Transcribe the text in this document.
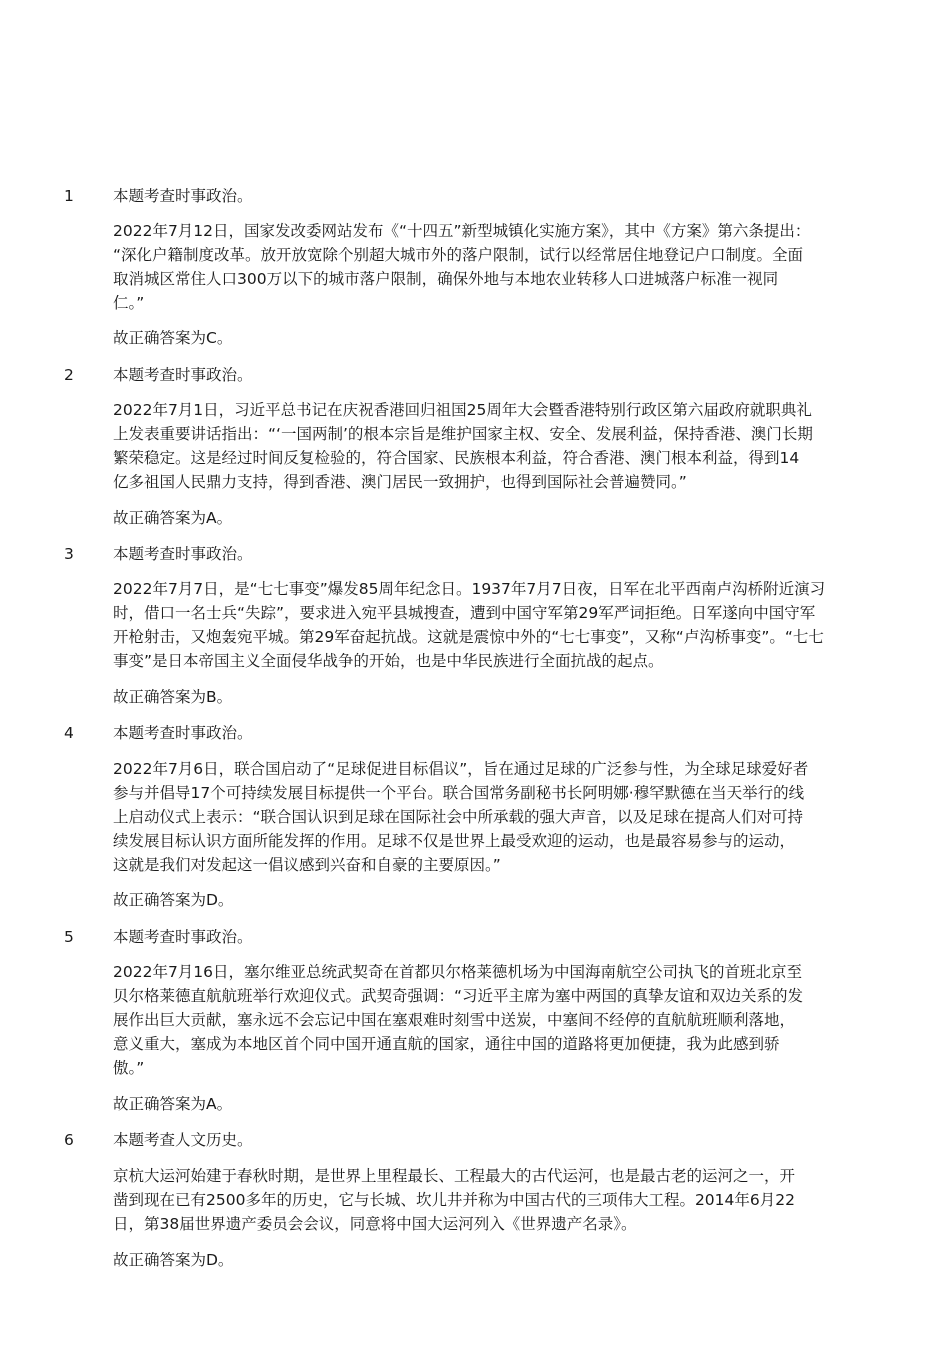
1	本题考查时事政治。
2022年7月12日，国家发改委网站发布《“十四五”新型城镇化实施方案》，其中《方案》第六条提出：
“深化户籍制度改革。放开放宽除个别超大城市外的落户限制，试行以经常居住地登记户口制度。全面
取消城区常住人口300万以下的城市落户限制，确保外地与本地农业转移人口进城落户标准一视同
仁。”
故正确答案为C。
2	本题考查时事政治。
2022年7月1日，习近平总书记在庆祝香港回归祖国25周年大会暨香港特别行政区第六届政府就职典礼
上发表重要讲话指出：“‘一国两制’的根本宗旨是维护国家主权、安全、发展利益，保持香港、澳门长期
繁荣稳定。这是经过时间反复检验的，符合国家、民族根本利益，符合香港、澳门根本利益，得到14
亿多祖国人民鼎力支持，得到香港、澳门居民一致拥护，也得到国际社会普遍赞同。”
故正确答案为A。
3	本题考查时事政治。
2022年7月7日，是“七七事变”爆发85周年纪念日。1937年7月7日夜，日军在北平西南卢沟桥附近演习
时，借口一名士兵“失踪”，要求进入宛平县城搜查，遭到中国守军第29军严词拒绝。日军遂向中国守军
开枪射击，又炮轰宛平城。第29军奋起抗战。这就是震惊中外的“七七事变”，又称“卢沟桥事变”。“七七
事变”是日本帝国主义全面侵华战争的开始，也是中华民族进行全面抗战的起点。
故正确答案为B。
4	本题考查时事政治。
2022年7月6日，联合国启动了“足球促进目标倡议”，旨在通过足球的广泛参与性，为全球足球爱好者
参与并倡导17个可持续发展目标提供一个平台。联合国常务副秘书长阿明娜·穆罕默德在当天举行的线
上启动仪式上表示：“联合国认识到足球在国际社会中所承载的强大声音，以及足球在提高人们对可持
续发展目标认识方面所能发挥的作用。足球不仅是世界上最受欢迎的运动，也是最容易参与的运动，
这就是我们对发起这一倡议感到兴奋和自豪的主要原因。”
故正确答案为D。
5	本题考查时事政治。
2022年7月16日，塞尔维亚总统武契奇在首都贝尔格莱德机场为中国海南航空公司执飞的首班北京至
贝尔格莱德直航航班举行欢迎仪式。武契奇强调：“习近平主席为塞中两国的真挚友谊和双边关系的发
展作出巨大贡献，塞永远不会忘记中国在塞艰难时刻雪中送炭，中塞间不经停的直航航班顺利落地，
意义重大，塞成为本地区首个同中国开通直航的国家，通往中国的道路将更加便捷，我为此感到骄
傲。”
故正确答案为A。
6	本题考查人文历史。
京杭大运河始建于春秋时期，是世界上里程最长、工程最大的古代运河，也是最古老的运河之一，开
凿到现在已有2500多年的历史，它与长城、坎儿井并称为中国古代的三项伟大工程。2014年6月22
日，第38届世界遗产委员会会议，同意将中国大运河列入《世界遗产名录》。
故正确答案为D。
